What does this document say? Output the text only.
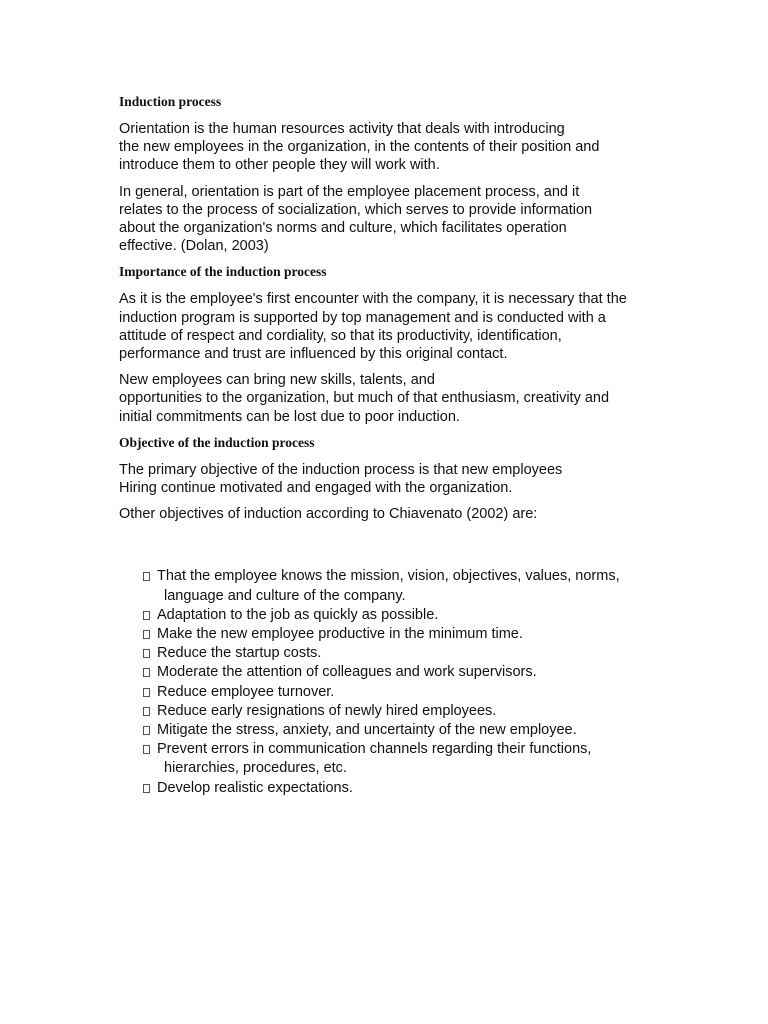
Induction process

Orientation is the human resources activity that deals with introducing
the new employees in the organization, in the contents of their position and
introduce them to other people they will work with.

In general, orientation is part of the employee placement process, and it
relates to the process of socialization, which serves to provide information
about the organization's norms and culture, which facilitates operation
effective. (Dolan, 2003)

Importance of the induction process

As it is the employee's first encounter with the company, it is necessary that the
induction program is supported by top management and is conducted with a
attitude of respect and cordiality, so that its productivity, identification,
performance and trust are influenced by this original contact.

New employees can bring new skills, talents, and
opportunities to the organization, but much of that enthusiasm, creativity and
initial commitments can be lost due to poor induction.

Objective of the induction process

The primary objective of the induction process is that new employees
Hiring continue motivated and engaged with the organization.

Other objectives of induction according to Chiavenato (2002) are:

That the employee knows the mission, vision, objectives, values, norms,
language and culture of the company.
Adaptation to the job as quickly as possible.
Make the new employee productive in the minimum time.
Reduce the startup costs.
Moderate the attention of colleagues and work supervisors.
Reduce employee turnover.
Reduce early resignations of newly hired employees.
Mitigate the stress, anxiety, and uncertainty of the new employee.
Prevent errors in communication channels regarding their functions,
hierarchies, procedures, etc.
Develop realistic expectations.
